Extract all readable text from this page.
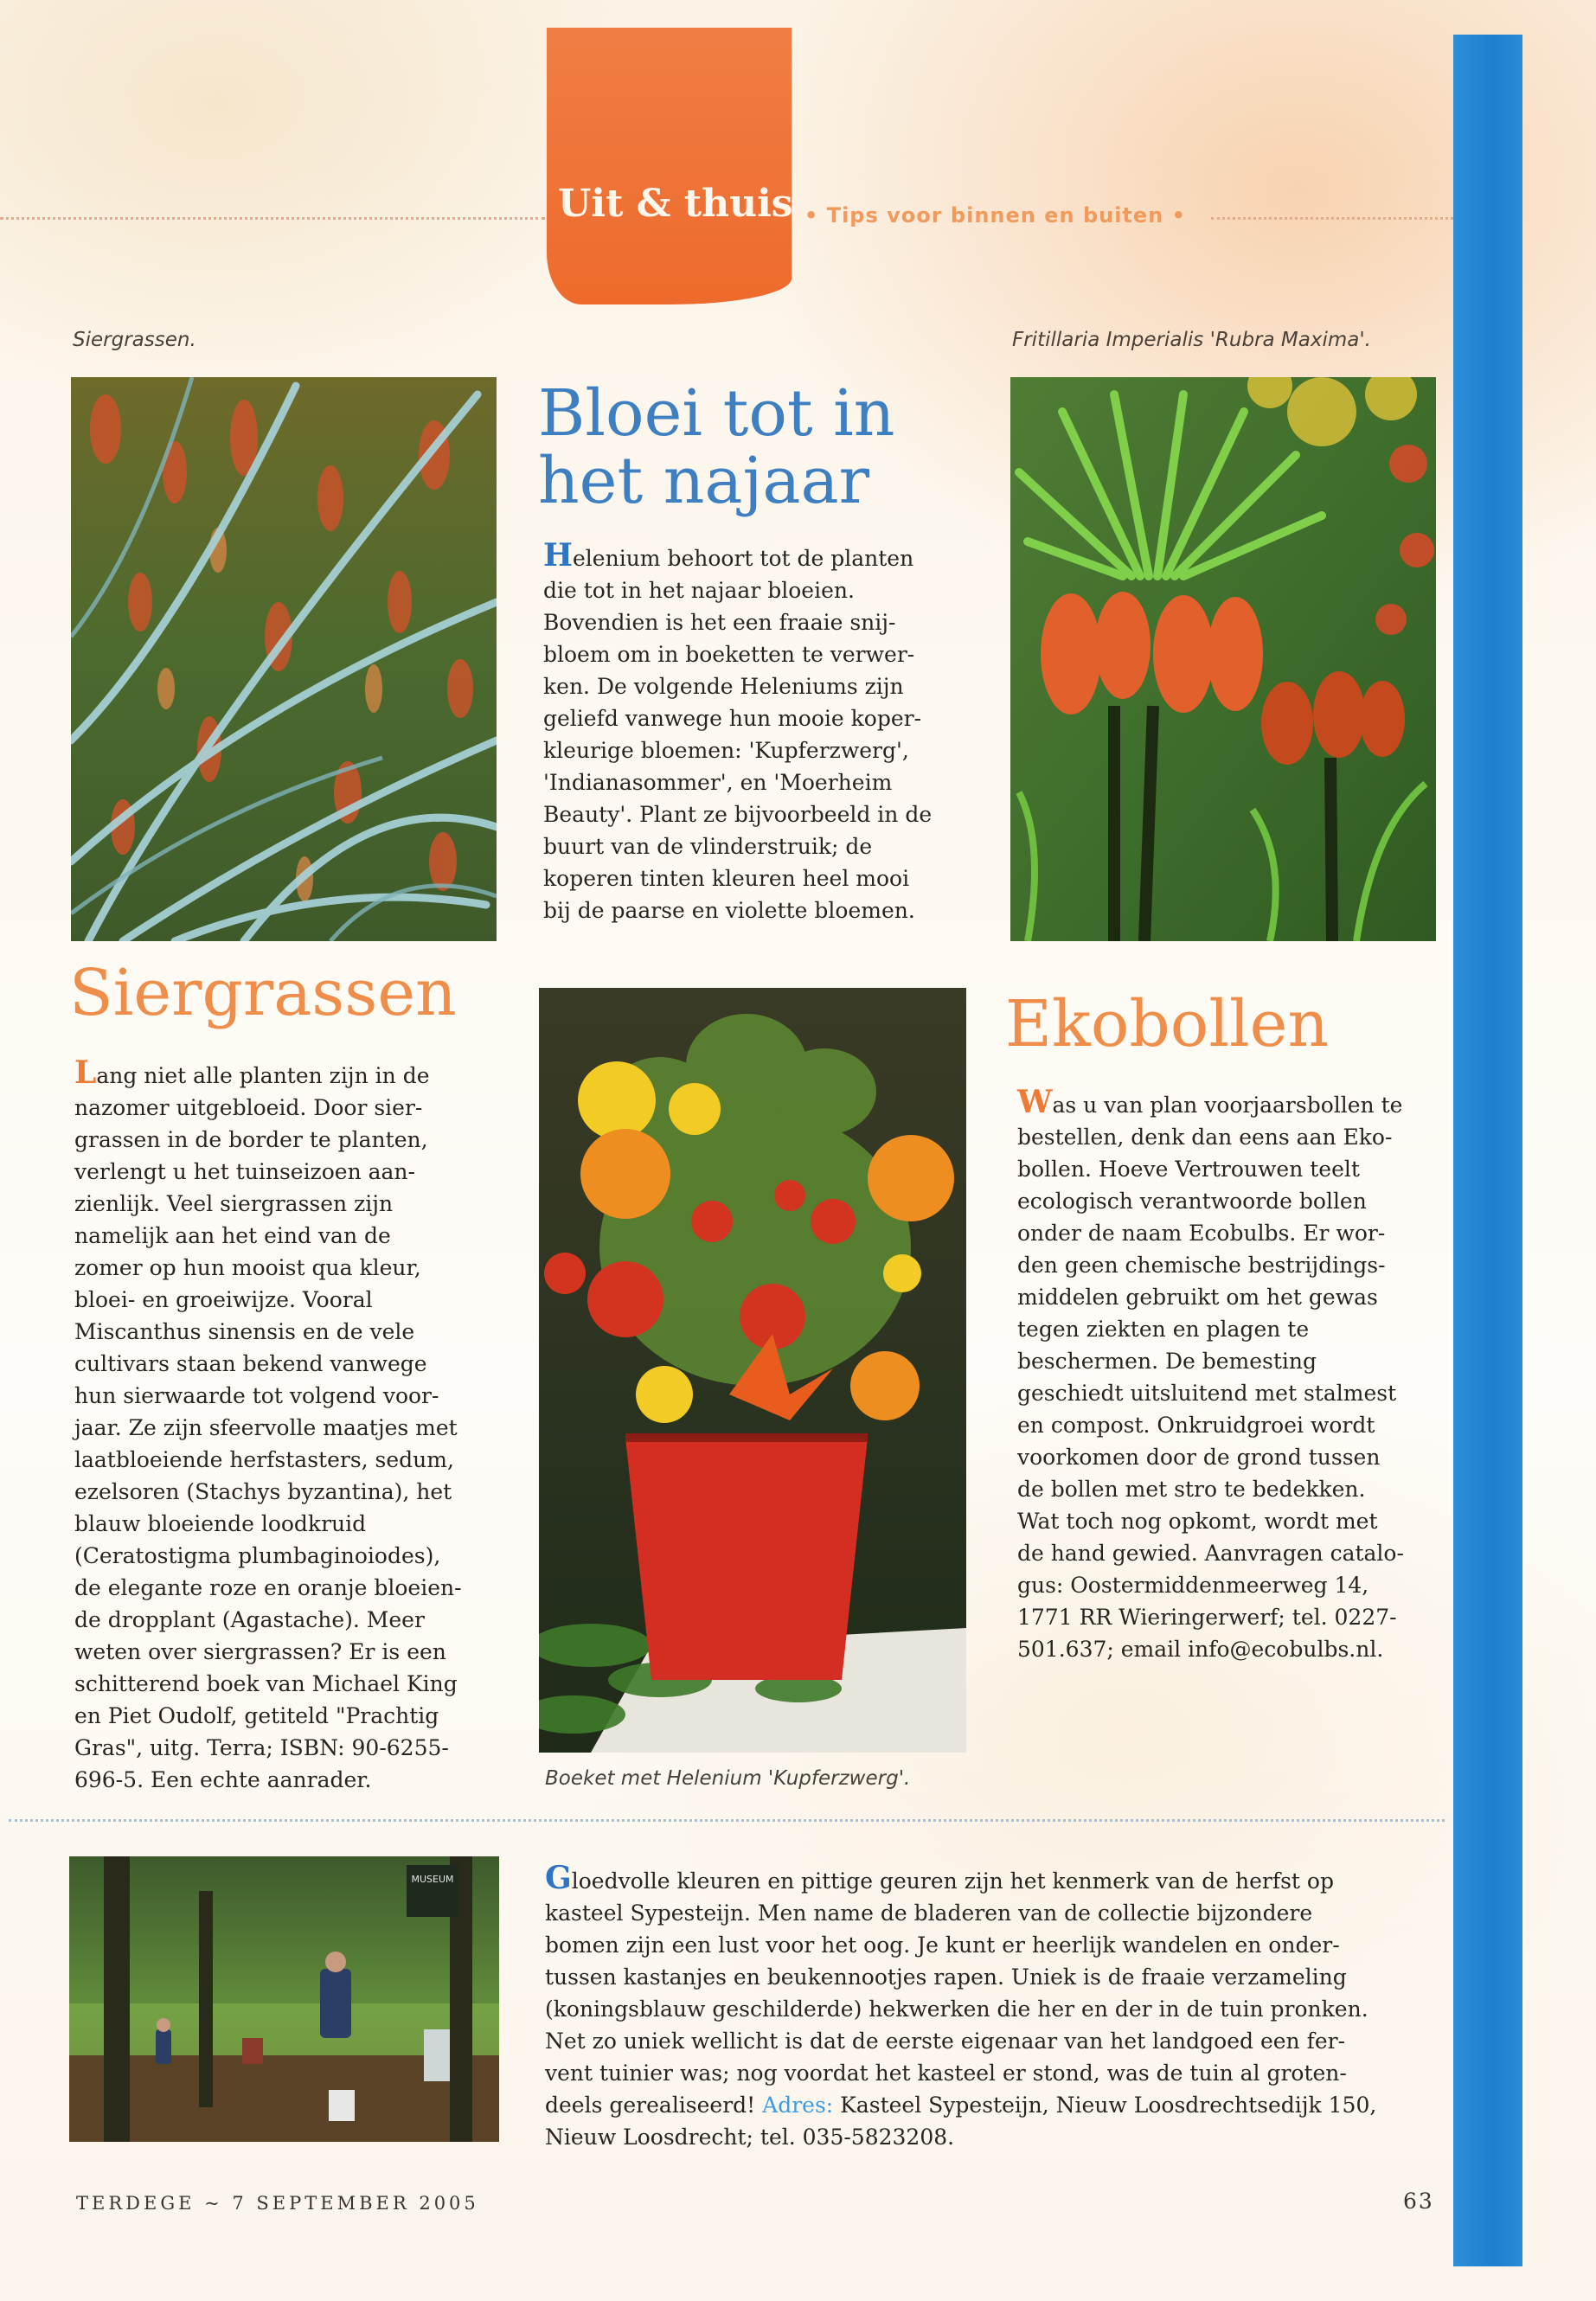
Uit & thuis • Tips voor binnen en buiten •
Siergrassen.	Fritillaria Imperialis 'Rubra Maxima'.
Bloei tot in
het najaar
Helenium behoort tot de planten
die tot in het najaar bloeien.
Bovendien is het een fraaie snij-
bloem om in boeketten te verwer-
ken. De volgende Heleniums zijn
geliefd vanwege hun mooie koper-
kleurige bloemen: 'Kupferzwerg',
'Indianasommer', en 'Moerheim
Beauty'. Plant ze bijvoorbeeld in de
buurt van de vlinderstruik; de
koperen tinten kleuren heel mooi
bij de paarse en violette bloemen.
Siergrassen
Lang niet alle planten zijn in de
nazomer uitgebloeid. Door sier-
grassen in de border te planten,
verlengt u het tuinseizoen aan-
zienlijk. Veel siergrassen zijn
namelijk aan het eind van de
zomer op hun mooist qua kleur,
bloei- en groeiwijze. Vooral
Miscanthus sinensis en de vele
cultivars staan bekend vanwege
hun sierwaarde tot volgend voor-
jaar. Ze zijn sfeervolle maatjes met
laatbloeiende herfstasters, sedum,
ezelsoren (Stachys byzantina), het
blauw bloeiende loodkruid
(Ceratostigma plumbaginoiodes),
de elegante roze en oranje bloeien-
de dropplant (Agastache). Meer
weten over siergrassen? Er is een
schitterend boek van Michael King
en Piet Oudolf, getiteld "Prachtig
Gras", uitg. Terra; ISBN: 90-6255-
696-5. Een echte aanrader.	Boeket met Helenium 'Kupferzwerg'.
Ekobollen
Was u van plan voorjaarsbollen te
bestellen, denk dan eens aan Eko-
bollen. Hoeve Vertrouwen teelt
ecologisch verantwoorde bollen
onder de naam Ecobulbs. Er wor-
den geen chemische bestrijdings-
middelen gebruikt om het gewas
tegen ziekten en plagen te
beschermen. De bemesting
geschiedt uitsluitend met stalmest
en compost. Onkruidgroei wordt
voorkomen door de grond tussen
de bollen met stro te bedekken.
Wat toch nog opkomt, wordt met
de hand gewied. Aanvragen catalo-
gus: Oostermiddenmeerweg 14,
1771 RR Wieringerwerf; tel. 0227-
501.637; email info@ecobulbs.nl.
MUSEUM	Gloedvolle kleuren en pittige geuren zijn het kenmerk van de herfst op
kasteel Sypesteijn. Men name de bladeren van de collectie bijzondere
bomen zijn een lust voor het oog. Je kunt er heerlijk wandelen en onder-
tussen kastanjes en beukennootjes rapen. Uniek is de fraaie verzameling
(koningsblauw geschilderde) hekwerken die her en der in de tuin pronken.
Net zo uniek wellicht is dat de eerste eigenaar van het landgoed een fer-
vent tuinier was; nog voordat het kasteel er stond, was de tuin al groten-
deels gerealiseerd! Adres: Kasteel Sypesteijn, Nieuw Loosdrechtsedijk 150,
Nieuw Loosdrecht; tel. 035-5823208.
TERDEGE ~ 7 SEPTEMBER 2005	63
